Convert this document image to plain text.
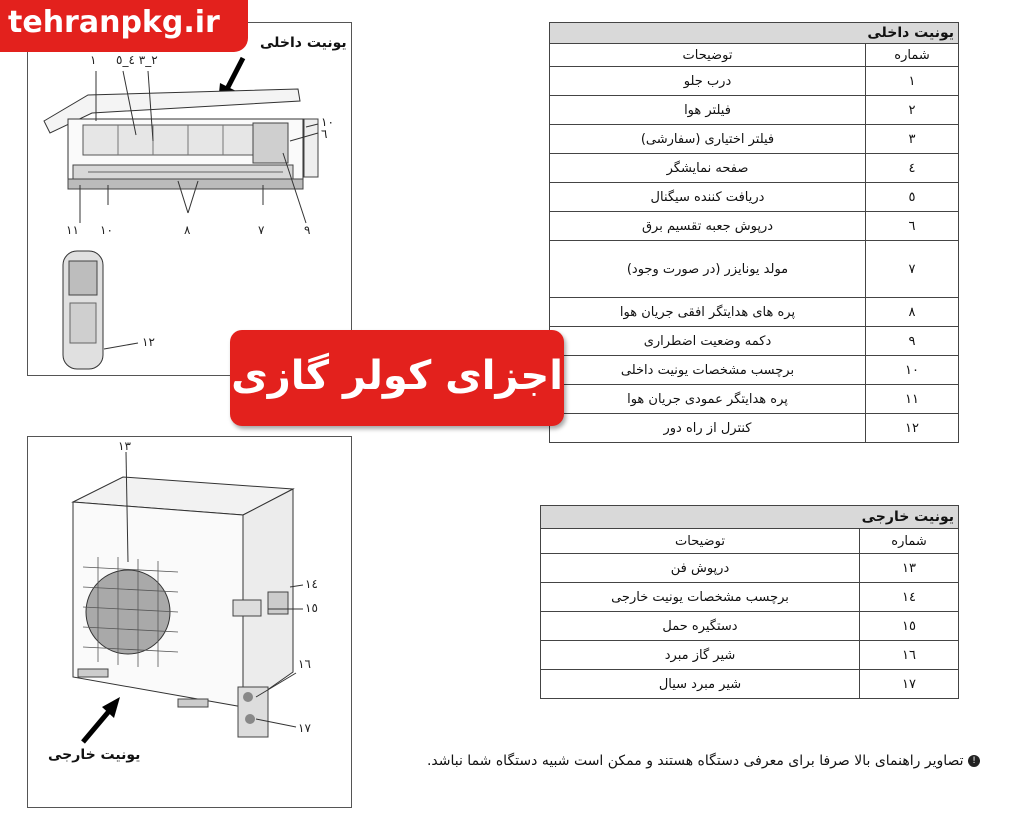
یونیت داخلی
۱ ۲_۳ ٤_٥
۱۰
٦
۱۱ ۱۰	۸	۷	۹
۱۲
۱۳
۱٤
۱٥
۱٦
۱۷
یونیت خارجی
یونیت داخلی	
شماره	توضیحات
۱	درب جلو
۲	فیلتر هوا
۳	فیلتر اختیاری (سفارشی)
٤	صفحه نمایشگر
٥	دریافت کننده سیگنال
٦	درپوش جعبه تقسیم برق
۷	مولد یونایزر (در صورت وجود)
۸	پره های هدایتگر افقی جریان هوا
۹	دکمه وضعیت اضطراری
۱۰	برچسب مشخصات یونیت داخلی
۱۱	پره هدایتگر عمودی جریان هوا
۱۲	کنترل از راه دور
یونیت خارجی	
شماره	توضیحات
۱۳	درپوش فن
۱٤	برچسب مشخصات یونیت خارجی
۱٥	دستگیره حمل
۱٦	شیر گاز مبرد
۱۷	شیر مبرد سیال
tehranpkg.ir
اجزای کولر گازی
! تصاویر راهنمای بالا صرفا برای معرفی دستگاه هستند و ممکن است شبیه دستگاه شما نباشد.
